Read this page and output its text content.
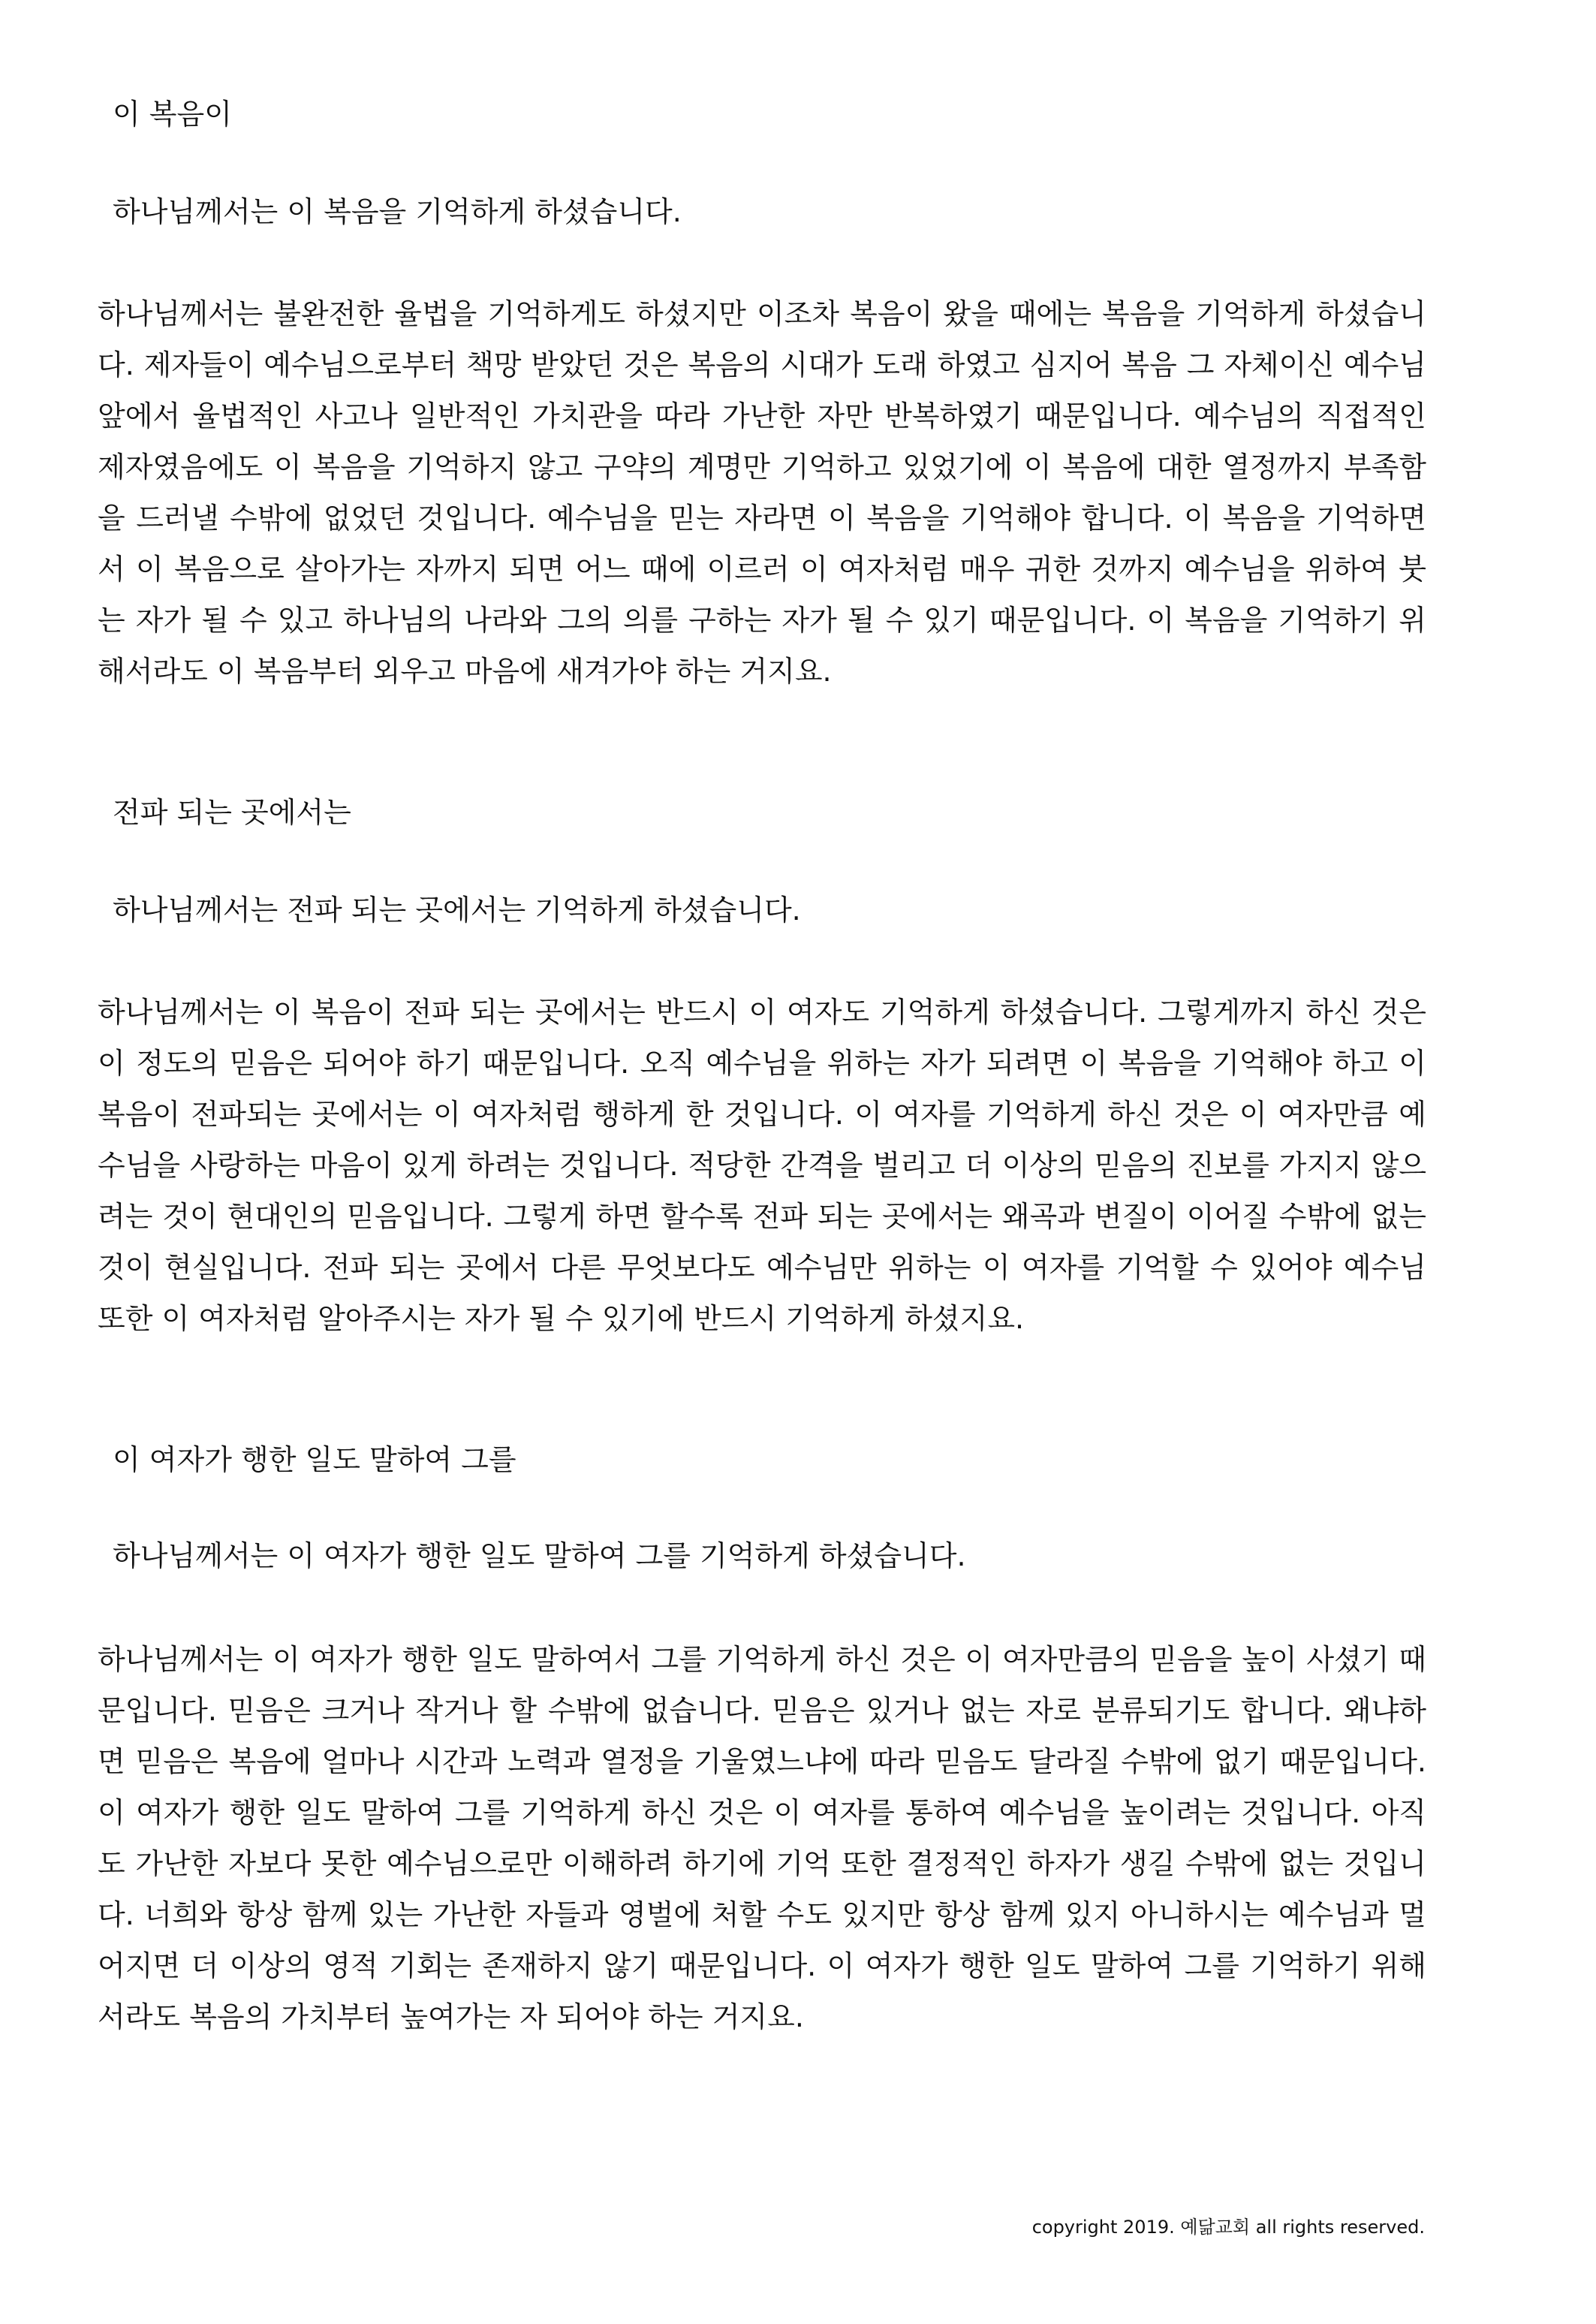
이 복음이

하나님께서는 이 복음을 기억하게 하셨습니다.

하나님께서는 불완전한 율법을 기억하게도 하셨지만 이조차 복음이 왔을 때에는 복음을 기억하게 하셨습니다. 제자들이 예수님으로부터 책망 받았던 것은 복음의 시대가 도래 하였고 심지어 복음 그 자체이신 예수님 앞에서 율법적인 사고나 일반적인 가치관을 따라 가난한 자만 반복하였기 때문입니다. 예수님의 직접적인 제자였음에도 이 복음을 기억하지 않고 구약의 계명만 기억하고 있었기에 이 복음에 대한 열정까지 부족함을 드러낼 수밖에 없었던 것입니다. 예수님을 믿는 자라면 이 복음을 기억해야 합니다. 이 복음을 기억하면서 이 복음으로 살아가는 자까지 되면 어느 때에 이르러 이 여자처럼 매우 귀한 것까지 예수님을 위하여 붓는 자가 될 수 있고 하나님의 나라와 그의 의를 구하는 자가 될 수 있기 때문입니다. 이 복음을 기억하기 위해서라도 이 복음부터 외우고 마음에 새겨가야 하는 거지요.

전파 되는 곳에서는

하나님께서는 전파 되는 곳에서는 기억하게 하셨습니다.

하나님께서는 이 복음이 전파 되는 곳에서는 반드시 이 여자도 기억하게 하셨습니다. 그렇게까지 하신 것은 이 정도의 믿음은 되어야 하기 때문입니다. 오직 예수님을 위하는 자가 되려면 이 복음을 기억해야 하고 이 복음이 전파되는 곳에서는 이 여자처럼 행하게 한 것입니다. 이 여자를 기억하게 하신 것은 이 여자만큼 예수님을 사랑하는 마음이 있게 하려는 것입니다. 적당한 간격을 벌리고 더 이상의 믿음의 진보를 가지지 않으려는 것이 현대인의 믿음입니다. 그렇게 하면 할수록 전파 되는 곳에서는 왜곡과 변질이 이어질 수밖에 없는 것이 현실입니다. 전파 되는 곳에서 다른 무엇보다도 예수님만 위하는 이 여자를 기억할 수 있어야 예수님 또한 이 여자처럼 알아주시는 자가 될 수 있기에 반드시 기억하게 하셨지요.

이 여자가 행한 일도 말하여 그를

하나님께서는 이 여자가 행한 일도 말하여 그를 기억하게 하셨습니다.

하나님께서는 이 여자가 행한 일도 말하여서 그를 기억하게 하신 것은 이 여자만큼의 믿음을 높이 사셨기 때문입니다. 믿음은 크거나 작거나 할 수밖에 없습니다. 믿음은 있거나 없는 자로 분류되기도 합니다. 왜냐하면 믿음은 복음에 얼마나 시간과 노력과 열정을 기울였느냐에 따라 믿음도 달라질 수밖에 없기 때문입니다. 이 여자가 행한 일도 말하여 그를 기억하게 하신 것은 이 여자를 통하여 예수님을 높이려는 것입니다. 아직도 가난한 자보다 못한 예수님으로만 이해하려 하기에 기억 또한 결정적인 하자가 생길 수밖에 없는 것입니다. 너희와 항상 함께 있는 가난한 자들과 영벌에 처할 수도 있지만 항상 함께 있지 아니하시는 예수님과 멀어지면 더 이상의 영적 기회는 존재하지 않기 때문입니다. 이 여자가 행한 일도 말하여 그를 기억하기 위해서라도 복음의 가치부터 높여가는 자 되어야 하는 거지요.

copyright 2019. 예닮교회 all rights reserved.
